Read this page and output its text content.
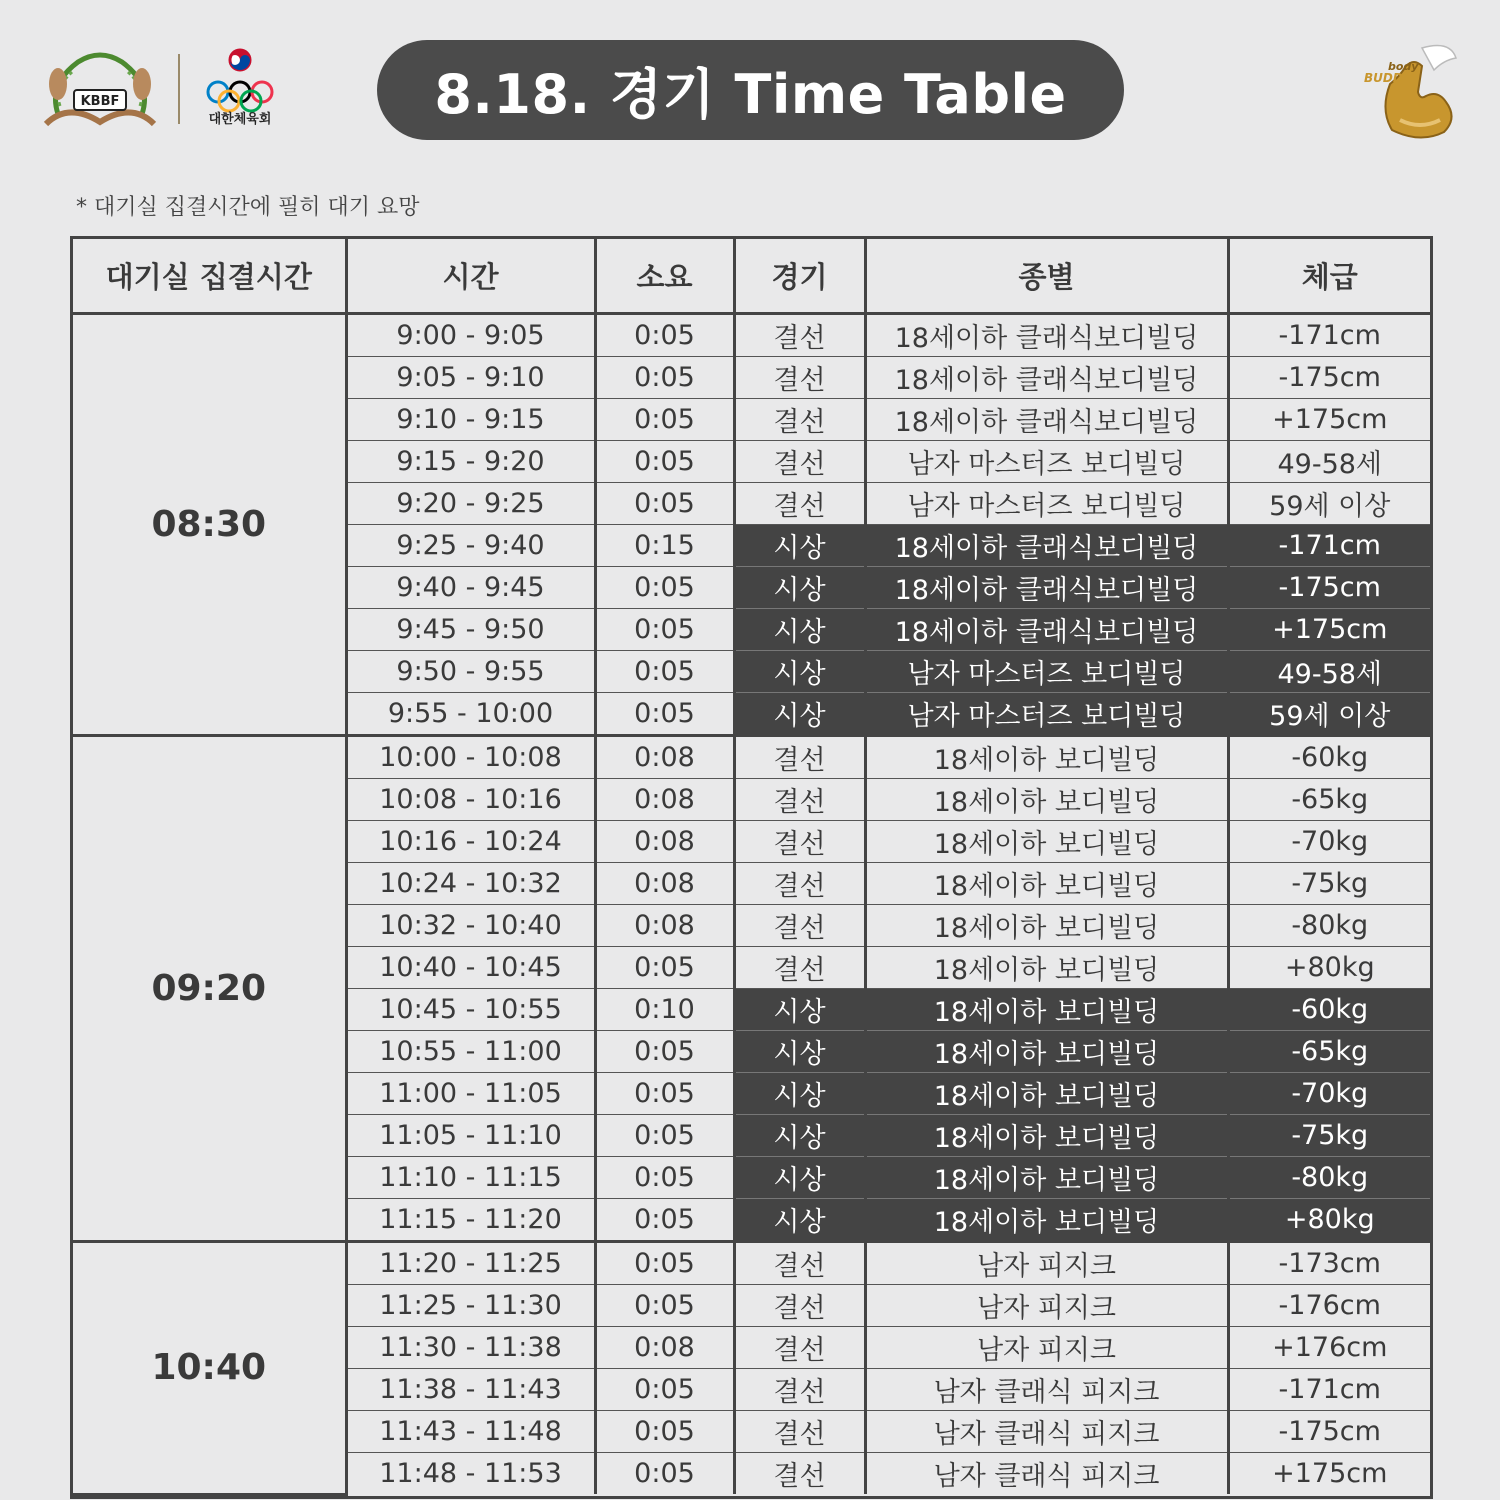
KBBF
대한체육회
body
BUDDY
8.18. 경기 Time Table
* 대기실 집결시간에 필히 대기 요망
대기실 집결시간	시간	소요	경기	종별	체급
08:30	9:00 - 9:05	0:05	결선	18세이하 클래식보디빌딩	-171cm
	9:05 - 9:10	0:05	결선	18세이하 클래식보디빌딩	-175cm
	9:10 - 9:15	0:05	결선	18세이하 클래식보디빌딩	+175cm
	9:15 - 9:20	0:05	결선	남자 마스터즈 보디빌딩	49-58세
	9:20 - 9:25	0:05	결선	남자 마스터즈 보디빌딩	59세 이상
	9:25 - 9:40	0:15	시상	18세이하 클래식보디빌딩	-171cm
	9:40 - 9:45	0:05	시상	18세이하 클래식보디빌딩	-175cm
	9:45 - 9:50	0:05	시상	18세이하 클래식보디빌딩	+175cm
	9:50 - 9:55	0:05	시상	남자 마스터즈 보디빌딩	49-58세
	9:55 - 10:00	0:05	시상	남자 마스터즈 보디빌딩	59세 이상
09:20	10:00 - 10:08	0:08	결선	18세이하 보디빌딩	-60kg
	10:08 - 10:16	0:08	결선	18세이하 보디빌딩	-65kg
	10:16 - 10:24	0:08	결선	18세이하 보디빌딩	-70kg
	10:24 - 10:32	0:08	결선	18세이하 보디빌딩	-75kg
	10:32 - 10:40	0:08	결선	18세이하 보디빌딩	-80kg
	10:40 - 10:45	0:05	결선	18세이하 보디빌딩	+80kg
	10:45 - 10:55	0:10	시상	18세이하 보디빌딩	-60kg
	10:55 - 11:00	0:05	시상	18세이하 보디빌딩	-65kg
	11:00 - 11:05	0:05	시상	18세이하 보디빌딩	-70kg
	11:05 - 11:10	0:05	시상	18세이하 보디빌딩	-75kg
	11:10 - 11:15	0:05	시상	18세이하 보디빌딩	-80kg
	11:15 - 11:20	0:05	시상	18세이하 보디빌딩	+80kg
10:40	11:20 - 11:25	0:05	결선	남자 피지크	-173cm
	11:25 - 11:30	0:05	결선	남자 피지크	-176cm
	11:30 - 11:38	0:08	결선	남자 피지크	+176cm
	11:38 - 11:43	0:05	결선	남자 클래식 피지크	-171cm
	11:43 - 11:48	0:05	결선	남자 클래식 피지크	-175cm
	11:48 - 11:53	0:05	결선	남자 클래식 피지크	+175cm
